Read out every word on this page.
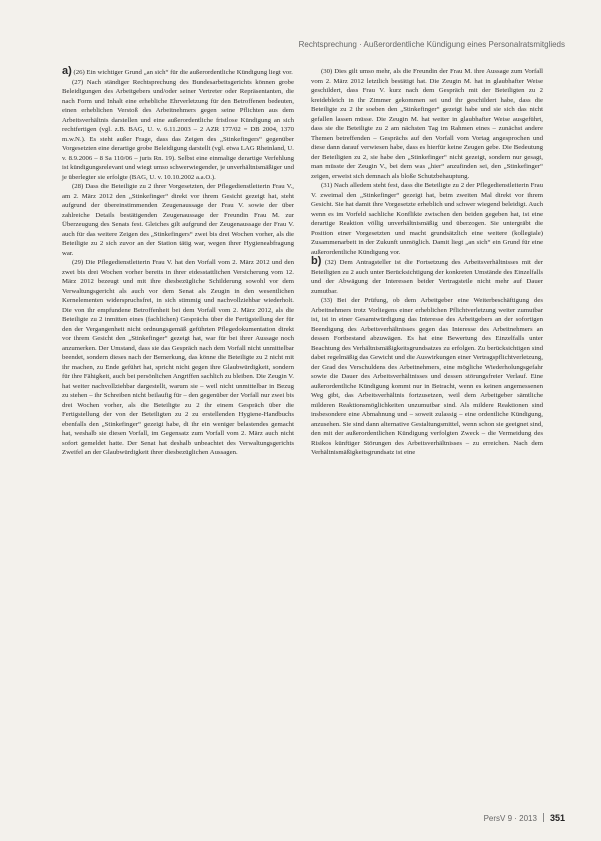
Rechtsprechung · Außerordentliche Kündigung eines Personalratsmitglieds

a) (26) Ein wichtiger Grund „an sich“ für die außerordentliche Kündigung liegt vor.

(27) Nach ständiger Rechtsprechung des Bundesarbeitsgerichts können grobe Beleidigungen des Arbeitgebers und/oder seiner Vertreter oder Repräsentanten, die nach Form und Inhalt eine erhebliche Ehrverletzung für den Betroffenen bedeuten, einen erheblichen Verstoß des Arbeitnehmers gegen seine Pflichten aus dem Arbeitsverhältnis darstellen und eine außerordentliche fristlose Kündigung an sich rechtfertigen (vgl. z.B. BAG, U. v. 6.11.2003 – 2 AZR 177/02 = DB 2004, 1370 m.w.N.). Es steht außer Frage, dass das Zeigen des „Stinkefingers“ gegenüber Vorgesetzten eine derartige grobe Beleidigung darstellt (vgl. etwa LAG Rheinland, U. v. 8.9.2006 – 8 Sa 110/06 – juris Rn. 19). Selbst eine einmalige derartige Verfehlung ist kündigungsrelevant und wiegt umso schwerwiegender, je unverhältnismäßiger und je überlegter sie erfolgte (BAG, U. v. 10.10.2002 a.a.O.).

(28) Dass die Beteiligte zu 2 ihrer Vorgesetzten, der Pflegedienstleiterin Frau V., am 2. März 2012 den „Stinkefinger“ direkt vor ihrem Gesicht gezeigt hat, steht aufgrund der übereinstimmenden Zeugenaussage der Frau V. sowie der über zahlreiche Details bestätigenden Zeugenaussage der Freundin Frau M. zur Überzeugung des Senats fest. Gleiches gilt aufgrund der Zeugenaussage der Frau V. auch für das weitere Zeigen des „Stinkefingers“ zwei bis drei Wochen vorher, als die Beteiligte zu 2 sich zuvor an der Station tätig war, wegen ihrer Hygieneabfragung war.

(29) Die Pflegedienstleiterin Frau V. hat den Vorfall vom 2. März 2012 und den zwei bis drei Wochen vorher bereits in ihrer eidesstattlichen Versicherung vom 12. März 2012 bezeugt und mit ihre diesbezügliche Schilderung sowohl vor dem Verwaltungsgericht als auch vor dem Senat als Zeugin in den wesentlichen Kernelementen widerspruchsfrei, in sich stimmig und nachvollziehbar wiederholt. Die von ihr empfundene Betroffenheit bei dem Vorfall vom 2. März 2012, als die Beteiligte zu 2 inmitten eines (fachlichen) Gesprächs über die Fertigstellung der für den der Vergangenheit nicht ordnungsgemäß geführten Pflegedokumentation direkt vor ihrem Gesicht den „Stinkefinger“ gezeigt hat, war für bei ihrer Aussage noch anzumerken. Der Umstand, dass sie das Gespräch nach dem Vorfall nicht unmittelbar beendet, sondern dieses nach der Bemerkung, das könne die Beteiligte zu 2 nicht mit ihr machen, zu Ende geführt hat, spricht nicht gegen ihre Glaubwürdigkeit, sondern für ihre Fähigkeit, auch bei persönlichen Angriffen sachlich zu bleiben. Die Zeugin V. hat weiter nachvollziehbar dargestellt, warum sie – weil nicht unmittelbar in Bezug zu stehen – ihr Schreiben nicht beilaufig für – den gegenüber der Vorfall nur zwei bis drei Wochen vorher, als die Beteiligte zu 2 ihr einem Gespräch über die Fertigstellung der von der Beteiligten zu 2 zu erstellenden Hygiene-Handbuchs ebenfalls den „Stinkefinger“ gezeigt habe, di ihr ein weniger belastendes gemacht hat, weshalb sie diesen Vorfall, im Gegensatz zum Vorfall vom 2. März auch nicht sofort gemeldet hatte. Der Senat hat deshalb unbeachtet des Verwaltungsgerichts Zweifel an der Glaubwürdigkeit ihrer diesbezüglichen Aussagen.

(30) Dies gilt umso mehr, als die Freundin der Frau M. ihre Aussage zum Vorfall vom 2. März 2012 letztlich bestätigt hat. Die Zeugin M. hat in glaubhafter Weise geschildert, dass Frau V. kurz nach dem Gespräch mit der Beteiligten zu 2 kreidebleich in ihr Zimmer gekommen sei und ihr geschildert habe, dass die Beteiligte zu 2 ihr soeben den „Stinkefinger“ gezeigt habe und sie sich das nicht gefallen lassen müsse. Die Zeugin M. hat weiter in glaubhafter Weise ausgeführt, dass sie die Beteiligte zu 2 am nächsten Tag im Rahmen eines – zunächst andere Themen betreffenden – Gesprächs auf den Vorfall vom Vortag angesprochen und diese dann darauf verwiesen habe, dass es hierfür keine Zeugen gebe. Die Bedeutung der Beteiligten zu 2, sie habe den „Stinkefinger“ nicht gezeigt, sondern nur gesagt, man müsste der Zeugin V., bei dem was „hier“ anzufinden sei, den „Stinkefinger“ zeigen, erweist sich demnach als bloße Schutzbehauptung.

(31) Nach alledem steht fest, dass die Beteiligte zu 2 der Pflegedienstleiterin Frau V. zweimal den „Stinkefinger“ gezeigt hat, beim zweiten Mal direkt vor ihrem Gesicht. Sie hat damit ihre Vorgesetzte erheblich und schwer wiegend beleidigt. Auch wenn es im Vorfeld sachliche Konflikte zwischen den beiden gegeben hat, ist eine derartige Reaktion völlig unverhältnismäßig und überzogen. Sie untergräbt die Position einer Vorgesetzten und macht grundsätzlich eine weitere (kollegiale) Zusammenarbeit in der Zukunft unmöglich. Damit liegt „an sich“ ein Grund für eine außerordentliche Kündigung vor.

b) (32) Dem Antragsteller ist die Fortsetzung des Arbeitsverhältnisses mit der Beteiligten zu 2 auch unter Berücksichtigung der konkreten Umstände des Einzelfalls und der Abwägung der Interessen beider Vertragsteile nicht mehr auf Dauer zumutbar.

(33) Bei der Prüfung, ob dem Arbeitgeber eine Weiterbeschäftigung des Arbeitnehmers trotz Vorliegens einer erheblichen Pflichtverletzung weiter zumutbar ist, ist in einer Gesamtwürdigung das Interesse des Arbeitgebers an der sofortigen Beendigung des Arbeitsverhältnisses gegen das Interesse des Arbeitnehmers an dessen Fortbestand abzuwägen. Es hat eine Bewertung des Einzelfalls unter Beachtung des Verhältnismäßigkeitsgrundsatzes zu erfolgen. Zu berücksichtigen sind dabei regelmäßig das Gewicht und die Auswirkungen einer Vertragspflichtverletzung, der Grad des Verschuldens des Arbeitnehmers, eine mögliche Wiederholungsgefahr sowie die Dauer des Arbeitsverhältnisses und dessen störungsfreier Verlauf. Eine außerordentliche Kündigung kommt nur in Betracht, wenn es keinen angemessenen Weg gibt, das Arbeitsverhältnis fortzusetzen, weil dem Arbeitgeber sämtliche milderen Reaktionsmöglichkeiten unzumutbar sind. Als mildere Reaktionen sind insbesondere eine Abmahnung und – soweit zulassig – eine ordentliche Kündigung, anzusehen. Sie sind dann alternative Gestaltungsmittel, wenn schon sie geeignet sind, den mit der außerordentlichen Kündigung verfolgten Zweck – die Vermeidung des Risikos künftiger Störungen des Arbeitsverhältnisses – zu erreichen. Nach dem Verhältnismäßigkeitsgrundsatz ist eine

PersV 9 · 2013 351
